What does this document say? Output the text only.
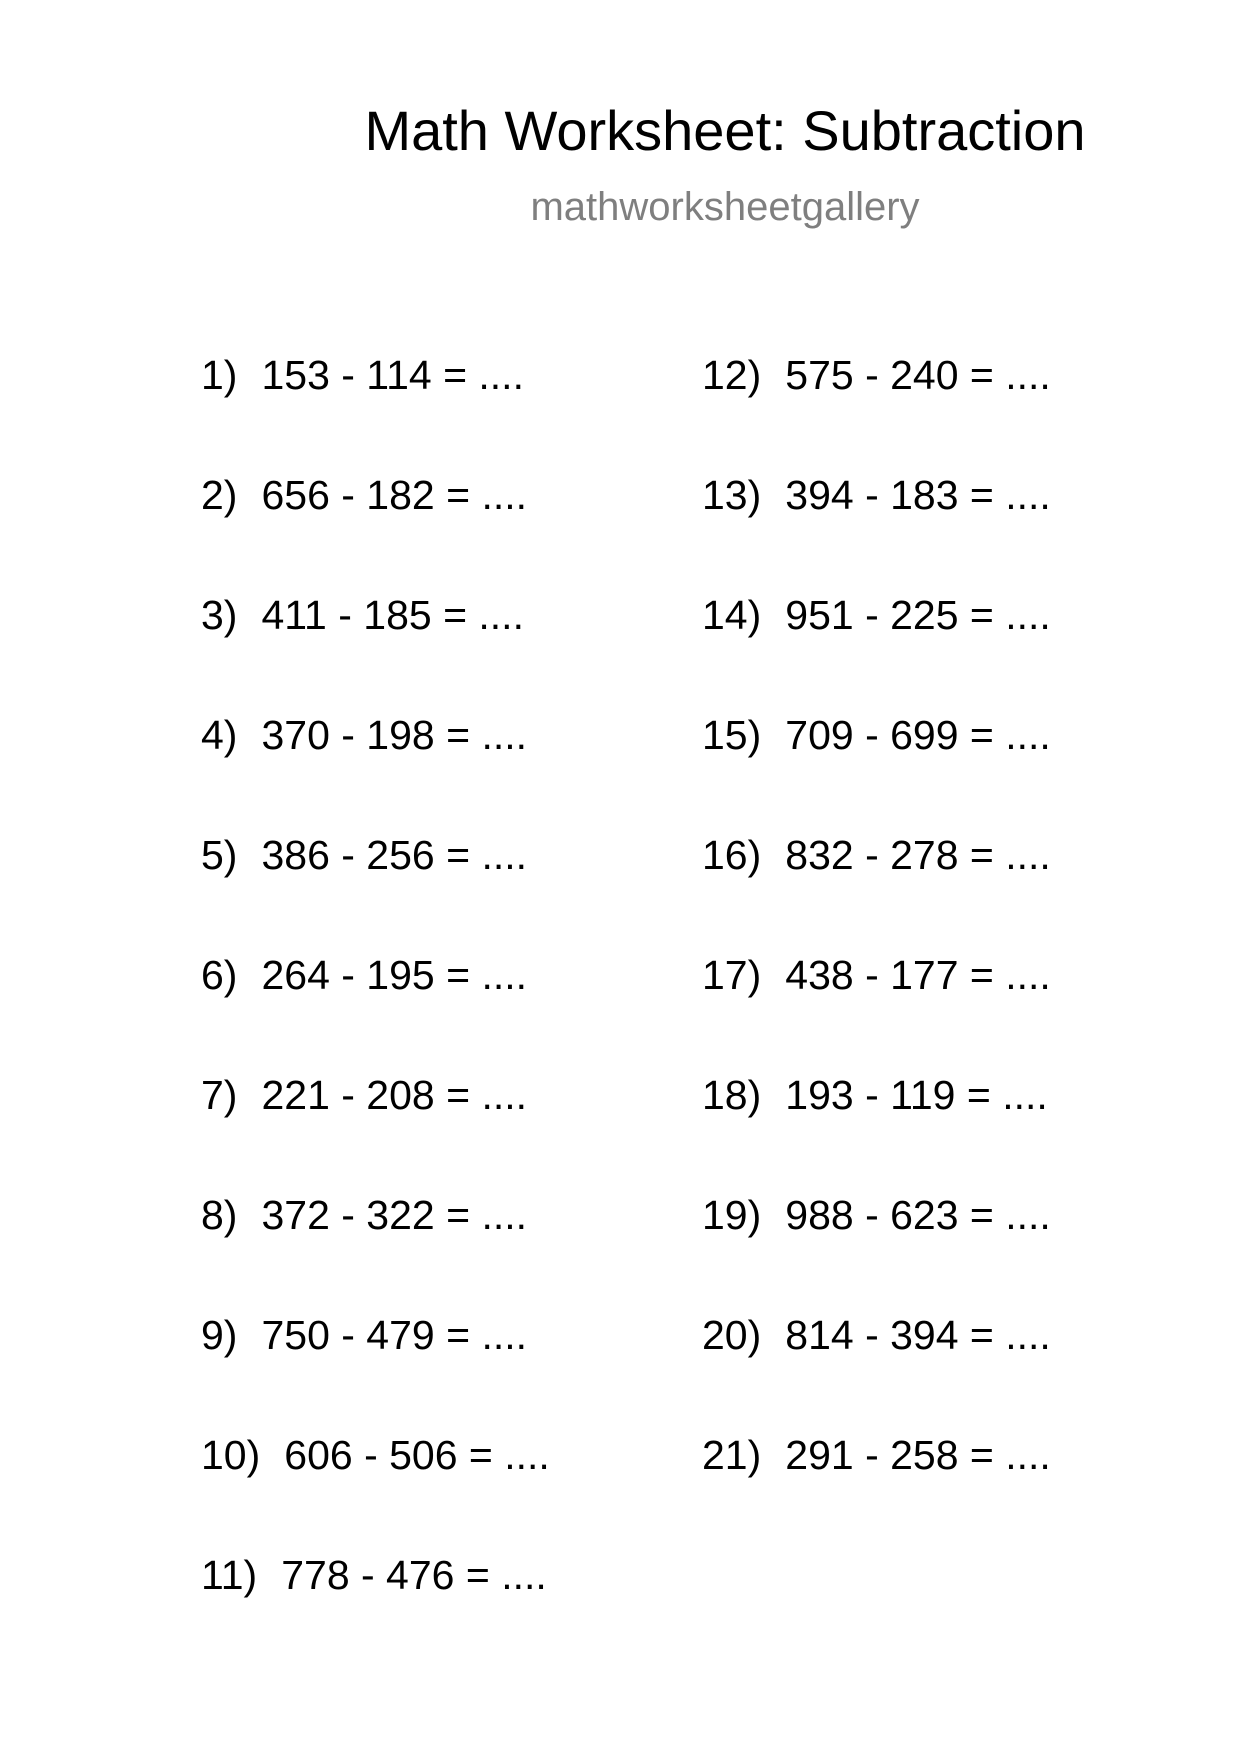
Math Worksheet: Subtraction
mathworksheetgallery
1) 153 - 114 = ....
2) 656 - 182 = ....
3) 411 - 185 = ....
4) 370 - 198 = ....
5) 386 - 256 = ....
6) 264 - 195 = ....
7) 221 - 208 = ....
8) 372 - 322 = ....
9) 750 - 479 = ....
10) 606 - 506 = ....
11) 778 - 476 = ....
12) 575 - 240 = ....
13) 394 - 183 = ....
14) 951 - 225 = ....
15) 709 - 699 = ....
16) 832 - 278 = ....
17) 438 - 177 = ....
18) 193 - 119 = ....
19) 988 - 623 = ....
20) 814 - 394 = ....
21) 291 - 258 = ....
